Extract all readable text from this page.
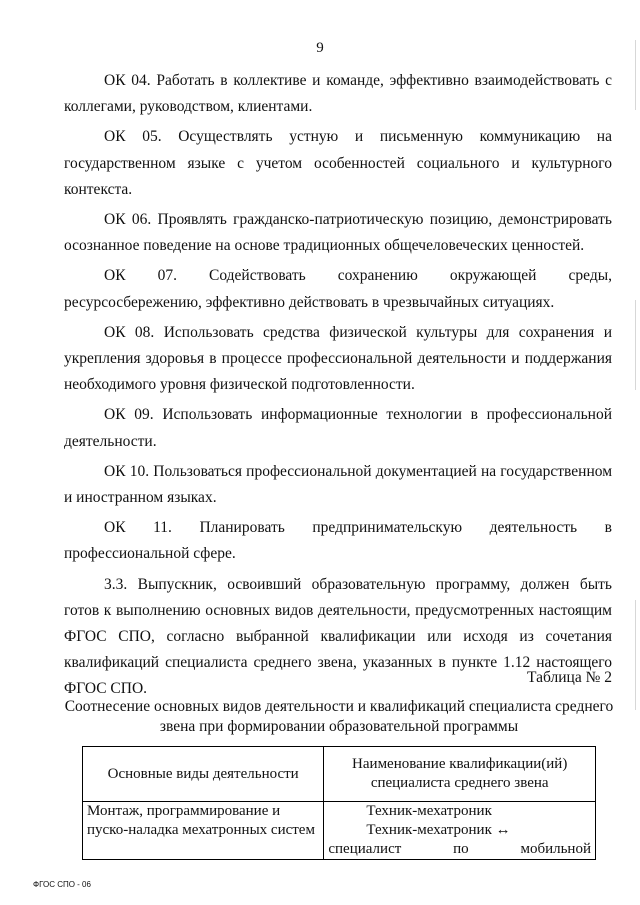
9

ОК 04. Работать в коллективе и команде, эффективно взаимодействовать с коллегами, руководством, клиентами.

ОК 05. Осуществлять устную и письменную коммуникацию на государственном языке с учетом особенностей социального и культурного контекста.

ОК 06. Проявлять гражданско-патриотическую позицию, демонстрировать осознанное поведение на основе традиционных общечеловеческих ценностей.

ОК 07. Содействовать сохранению окружающей среды, ресурсосбережению, эффективно действовать в чрезвычайных ситуациях.

ОК 08. Использовать средства физической культуры для сохранения и укрепления здоровья в процессе профессиональной деятельности и поддержания необходимого уровня физической подготовленности.

ОК 09. Использовать информационные технологии в профессиональной деятельности.

ОК 10. Пользоваться профессиональной документацией на государственном и иностранном языках.

ОК 11. Планировать предпринимательскую деятельность в профессиональной сфере.

3.3. Выпускник, освоивший образовательную программу, должен быть готов к выполнению основных видов деятельности, предусмотренных настоящим ФГОС СПО, согласно выбранной квалификации или исходя из сочетания квалификаций специалиста среднего звена, указанных в пункте 1.12 настоящего ФГОС СПО.

Таблица № 2
Соотнесение основных видов деятельности и квалификаций специалиста среднего звена при формировании образовательной программы
Основные виды деятельности	Наименование квалификации(ий) специалиста среднего звена
Монтаж, программирование и пуско-наладка мехатронных систем	Техник-мехатроник
Техник-мехатроник ↔
специалист по мобильной
ФГОС СПО - 06
